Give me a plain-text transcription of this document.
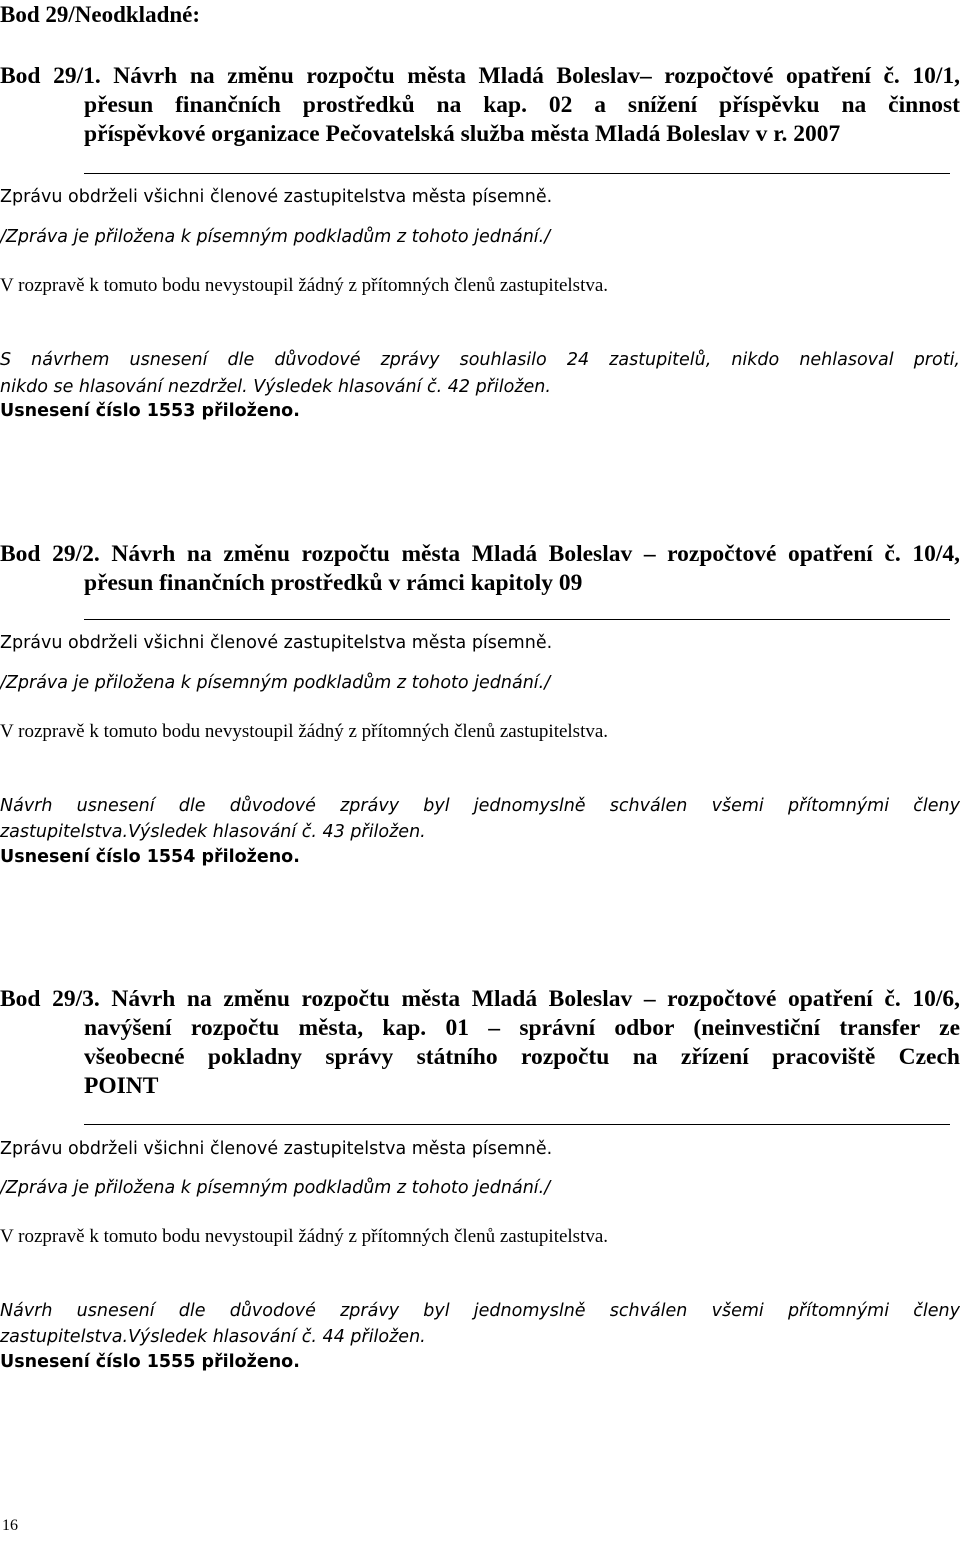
Bod 29/Neodkladné:
Bod 29/1. Návrh na změnu rozpočtu města Mladá Boleslav– rozpočtové opatření č. 10/1,
přesun finančních prostředků na kap. 02 a snížení příspěvku na činnost
příspěvkové organizace Pečovatelská služba města Mladá Boleslav v r. 2007
Zprávu obdrželi všichni členové zastupitelstva města písemně.
/Zpráva je přiložena k písemným podkladům z tohoto jednání./
V rozpravě k tomuto bodu nevystoupil žádný z přítomných členů zastupitelstva.
S návrhem usnesení dle důvodové zprávy souhlasilo 24 zastupitelů, nikdo nehlasoval proti,
nikdo se hlasování nezdržel. Výsledek hlasování č. 42 přiložen.
Usnesení číslo 1553 přiloženo.
Bod 29/2. Návrh na změnu rozpočtu města Mladá Boleslav – rozpočtové opatření č. 10/4,
přesun finančních prostředků v rámci kapitoly 09
Zprávu obdrželi všichni členové zastupitelstva města písemně.
/Zpráva je přiložena k písemným podkladům z tohoto jednání./
V rozpravě k tomuto bodu nevystoupil žádný z přítomných členů zastupitelstva.
Návrh usnesení dle důvodové zprávy byl jednomyslně schválen všemi přítomnými členy
zastupitelstva.Výsledek hlasování č. 43 přiložen.
Usnesení číslo 1554 přiloženo.
Bod 29/3. Návrh na změnu rozpočtu města Mladá Boleslav – rozpočtové opatření č. 10/6,
navýšení rozpočtu města, kap. 01 – správní odbor (neinvestiční transfer ze
všeobecné pokladny správy státního rozpočtu na zřízení pracoviště Czech
POINT
Zprávu obdrželi všichni členové zastupitelstva města písemně.
/Zpráva je přiložena k písemným podkladům z tohoto jednání./
V rozpravě k tomuto bodu nevystoupil žádný z přítomných členů zastupitelstva.
Návrh usnesení dle důvodové zprávy byl jednomyslně schválen všemi přítomnými členy
zastupitelstva.Výsledek hlasování č. 44 přiložen.
Usnesení číslo 1555 přiloženo.
16
